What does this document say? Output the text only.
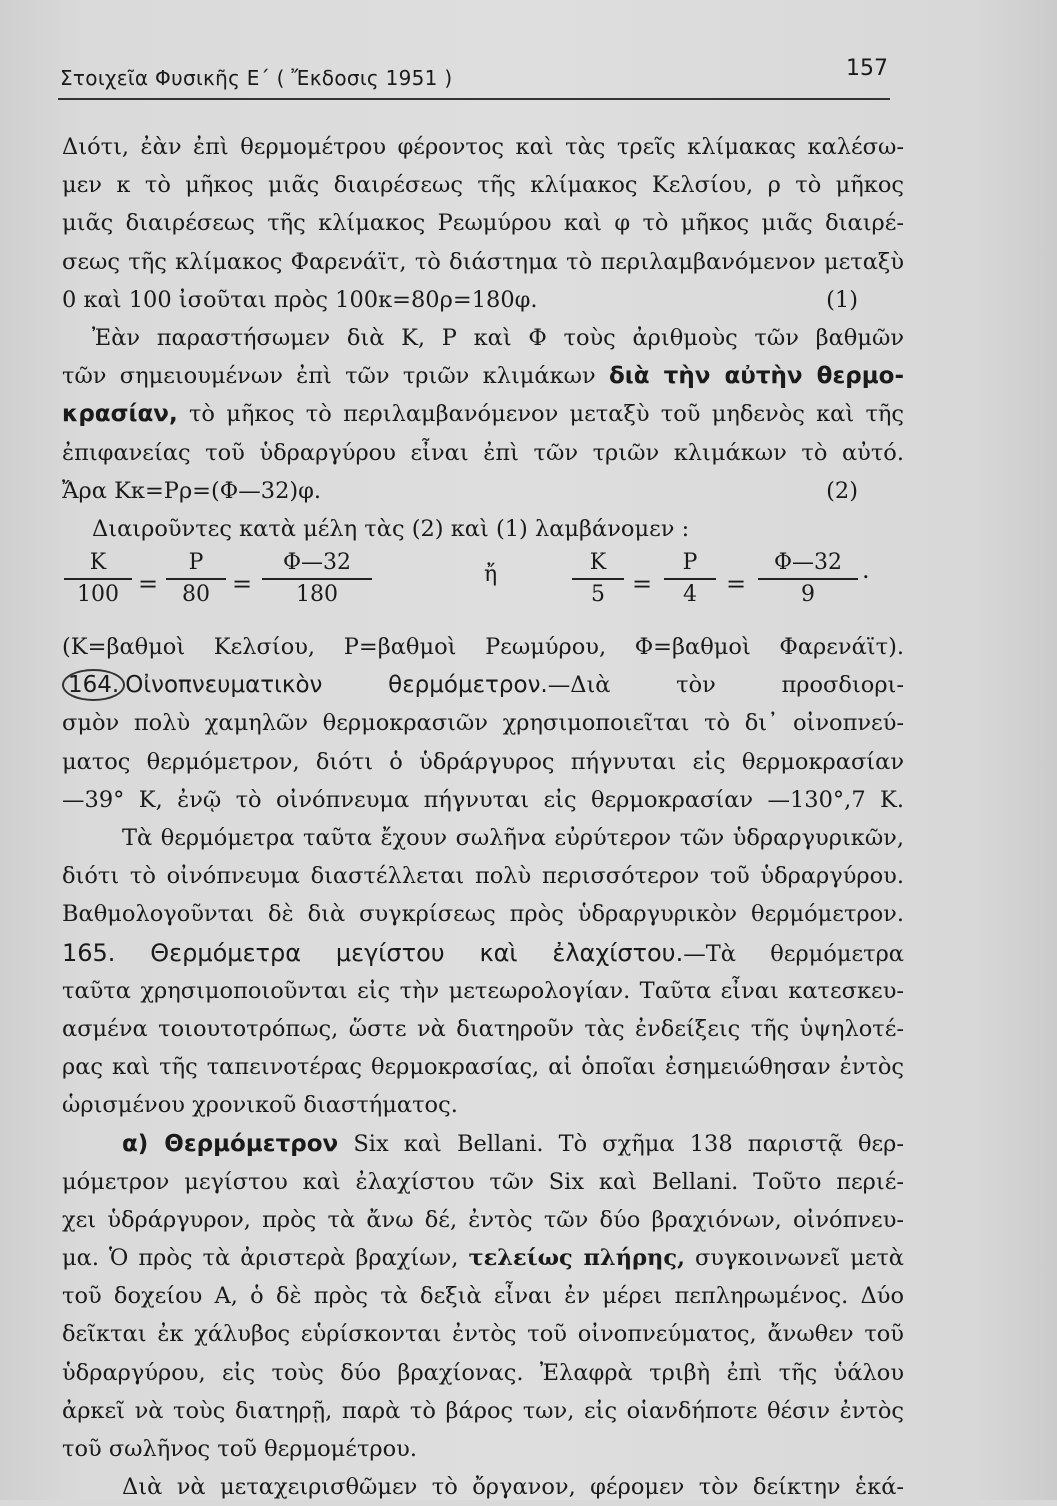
Στοιχεῖα Φυσικῆς Ε΄ ( Ἔκδοσις 1951 )	157
Διότι, ἐὰν ἐπὶ θερμομέτρου φέροντος καὶ τὰς τρεῖς κλίμακας καλέσω-
μεν κ τὸ μῆκος μιᾶς διαιρέσεως τῆς κλίμακος Κελσίου, ρ τὸ μῆκος
μιᾶς διαιρέσεως τῆς κλίμακος Ρεωμύρου καὶ φ τὸ μῆκος μιᾶς διαιρέ-
σεως τῆς κλίμακος Φαρενάϊτ, τὸ διάστημα τὸ περιλαμβανόμενον μεταξὺ
0 καὶ 100 ἰσοῦται πρὸς 100κ=80ρ=180φ.	(1)
Ἐὰν παραστήσωμεν διὰ Κ, Ρ καὶ Φ τοὺς ἀριθμοὺς τῶν βαθμῶν
τῶν σημειουμένων ἐπὶ τῶν τριῶν κλιμάκων διὰ τὴν αὐτὴν θερμο-
κρασίαν, τὸ μῆκος τὸ περιλαμβανόμενον μεταξὺ τοῦ μηδενὸς καὶ τῆς
ἐπιφανείας τοῦ ὑδραργύρου εἶναι ἐπὶ τῶν τριῶν κλιμάκων τὸ αὐτό.
Ἄρα Κκ=Ρρ=(Φ—32)φ.	(2)
Διαιροῦντες κατὰ μέλη τὰς (2) καὶ (1) λαμβάνομεν :
$\frac{K}{100} = \frac{P}{80} = \frac{\Phi—32}{180}$	ἤ	$\frac{K}{5} = \frac{P}{4} = \frac{\Phi—32}{9}$ .
(Κ=βαθμοὶ Κελσίου, Ρ=βαθμοὶ Ρεωμύρου, Φ=βαθμοὶ Φαρενάϊτ).
164. Οἰνοπνευματικὸν θερμόμετρον.—Διὰ τὸν προσδιορι-
σμὸν πολὺ χαμηλῶν θερμοκρασιῶν χρησιμοποιεῖται τὸ δι᾽ οἰνοπνεύ-
ματος θερμόμετρον, διότι ὁ ὑδράργυρος πήγνυται εἰς θερμοκρασίαν
—39° Κ, ἐνῷ τὸ οἰνόπνευμα πήγνυται εἰς θερμοκρασίαν —130°,7 Κ.
Τὰ θερμόμετρα ταῦτα ἔχουν σωλῆνα εὐρύτερον τῶν ὑδραργυρικῶν,
διότι τὸ οἰνόπνευμα διαστέλλεται πολὺ περισσότερον τοῦ ὑδραργύρου.
Βαθμολογοῦνται δὲ διὰ συγκρίσεως πρὸς ὑδραργυρικὸν θερμόμετρον.
165. Θερμόμετρα μεγίστου καὶ ἐλαχίστου.—Τὰ θερμόμετρα
ταῦτα χρησιμοποιοῦνται εἰς τὴν μετεωρολογίαν. Ταῦτα εἶναι κατεσκευ-
ασμένα τοιουτοτρόπως, ὥστε νὰ διατηροῦν τὰς ἐνδείξεις τῆς ὑψηλοτέ-
ρας καὶ τῆς ταπεινοτέρας θερμοκρασίας, αἱ ὁποῖαι ἐσημειώθησαν ἐντὸς
ὡρισμένου χρονικοῦ διαστήματος.
α) Θερμόμετρον Six καὶ Bellani. Τὸ σχῆμα 138 παριστᾷ θερ-
μόμετρον μεγίστου καὶ ἐλαχίστου τῶν Six καὶ Bellani. Τοῦτο περιέ-
χει ὑδράργυρον, πρὸς τὰ ἄνω δέ, ἐντὸς τῶν δύο βραχιόνων, οἰνόπνευ-
μα. Ὁ πρὸς τὰ ἀριστερὰ βραχίων, τελείως πλήρης, συγκοινωνεῖ μετὰ
τοῦ δοχείου Α, ὁ δὲ πρὸς τὰ δεξιὰ εἶναι ἐν μέρει πεπληρωμένος. Δύο
δεῖκται ἐκ χάλυβος εὑρίσκονται ἐντὸς τοῦ οἰνοπνεύματος, ἄνωθεν τοῦ
ὑδραργύρου, εἰς τοὺς δύο βραχίονας. Ἐλαφρὰ τριβὴ ἐπὶ τῆς ὑάλου
ἀρκεῖ νὰ τοὺς διατηρῇ, παρὰ τὸ βάρος των, εἰς οἱανδήποτε θέσιν ἐντὸς
τοῦ σωλῆνος τοῦ θερμομέτρου.
Διὰ νὰ μεταχειρισθῶμεν τὸ ὄργανον, φέρομεν τὸν δείκτην ἑκά-
